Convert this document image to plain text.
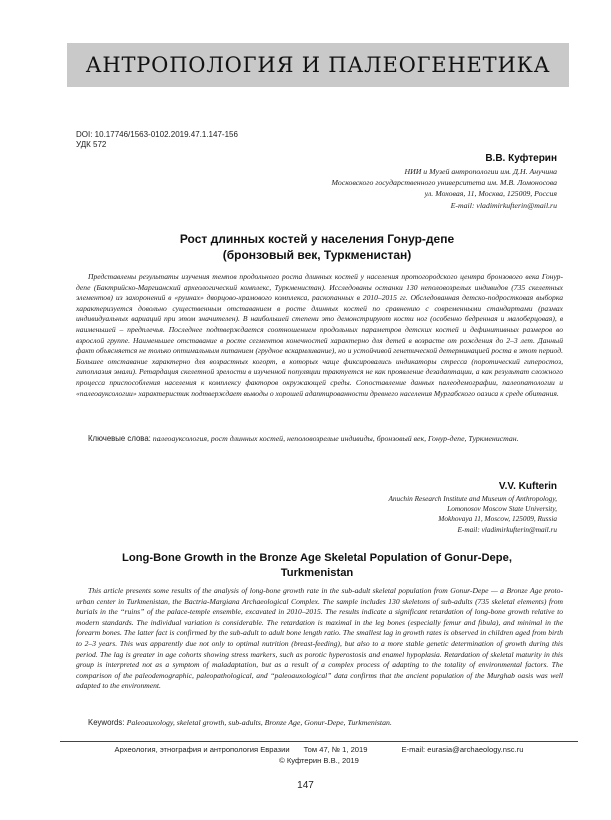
АНТРОПОЛОГИЯ И ПАЛЕОГЕНЕТИКА
DOI: 10.17746/1563-0102.2019.47.1.147-156
УДК 572
В.В. Куфтерин
НИИ и Музей антропологии им. Д.Н. Анучина
Московского государственного университета им. М.В. Ломоносова
ул. Моховая, 11, Москва, 125009, Россия
E-mail: vladimirkufterin@mail.ru
Рост длинных костей у населения Гонур-депе
(бронзовый век, Туркменистан)

Представлены результаты изучения темпов продольного роста длинных костей у населения протогородского центра бронзового века Гонур-депе (Бактрийско-Маргианский археологический комплекс, Туркменистан). Исследованы останки 130 неполовозрелых индивидов (735 скелетных элементов) из захоронений в «руинах» дворцово-храмового комплекса, раскопанных в 2010–2015 гг. Обследованная детско-подростковая выборка характеризуется довольно существенным отставанием в росте длинных костей по сравнению с современными стандартами (размах индивидуальных вариаций при этом значителен). В наибольшей степени это демонстрируют кости ног (особенно бедренная и малоберцовая), в наименьшей – предплечья. Последнее подтверждается соотношением продольных параметров детских костей и дефинитивных размеров во взрослой группе. Наименьшее отставание в росте сегментов конечностей характерно для детей в возрасте от рождения до 2–3 лет. Данный факт объясняется не только оптимальным питанием (грудное вскармливание), но и устойчивой генетической детерминацией роста в этот период. Большее отставание характерно для возрастных когорт, в которых чаще фиксировались индикаторы стресса (поротический гиперостоз, гипоплазия эмали). Ретардация скелетной зрелости в изученной популяции трактуется не как проявление дезадаптации, а как результат сложного процесса приспособления населения к комплексу факторов окружающей среды. Сопоставление данных палеодемографии, палеопатологии и «палеоауксологии» характеристик подтверждает выводы о хорошей адаптированности древнего населения Мургабского оазиса к среде обитания.

Ключевые слова: палеоауксология, рост длинных костей, неполовозрелые индивиды, бронзовый век, Гонур-депе, Туркменистан.

V.V. Kufterin
Anuchin Research Institute and Museum of Anthropology,
Lomonosov Moscow State University,
Mokhovaya 11, Moscow, 125009, Russia
E-mail: vladimirkufterin@mail.ru
Long-Bone Growth in the Bronze Age Skeletal Population of Gonur-Depe,
Turkmenistan

This article presents some results of the analysis of long-bone growth rate in the sub-adult skeletal population from Gonur-Depe — a Bronze Age proto-urban center in Turkmenistan, the Bactria-Margiana Archaeological Complex. The sample includes 130 skeletons of sub-adults (735 skeletal elements) from burials in the “ruins” of the palace-temple ensemble, excavated in 2010–2015. The results indicate a significant retardation of long-bone growth relative to modern standards. The individual variation is considerable. The retardation is maximal in the leg bones (especially femur and fibula), and minimal in the forearm bones. The latter fact is confirmed by the sub-adult to adult bone length ratio. The smallest lag in growth rates is observed in children aged from birth to 2–3 years. This was apparently due not only to optimal nutrition (breast-feeding), but also to a more stable genetic determination of growth during this period. The lag is greater in age cohorts showing stress markers, such as porotic hyperostosis and enamel hypoplasia. Retardation of skeletal maturity in this group is interpreted not as a symptom of maladaptation, but as a result of a complex process of adapting to the totality of environmental factors. The comparison of the paleodemographic, paleopathological, and “paleoauxological” data confirms that the ancient population of the Murghab oasis was well adapted to the environment.

Keywords: Paleoauxology, skeletal growth, sub-adults, Bronze Age, Gonur-Depe, Turkmenistan.

Археология, этнография и антропология Евразии Том 47, № 1, 2019	E-mail: eurasia@archaeology.nsc.ru
© Куфтерин В.В., 2019
147
